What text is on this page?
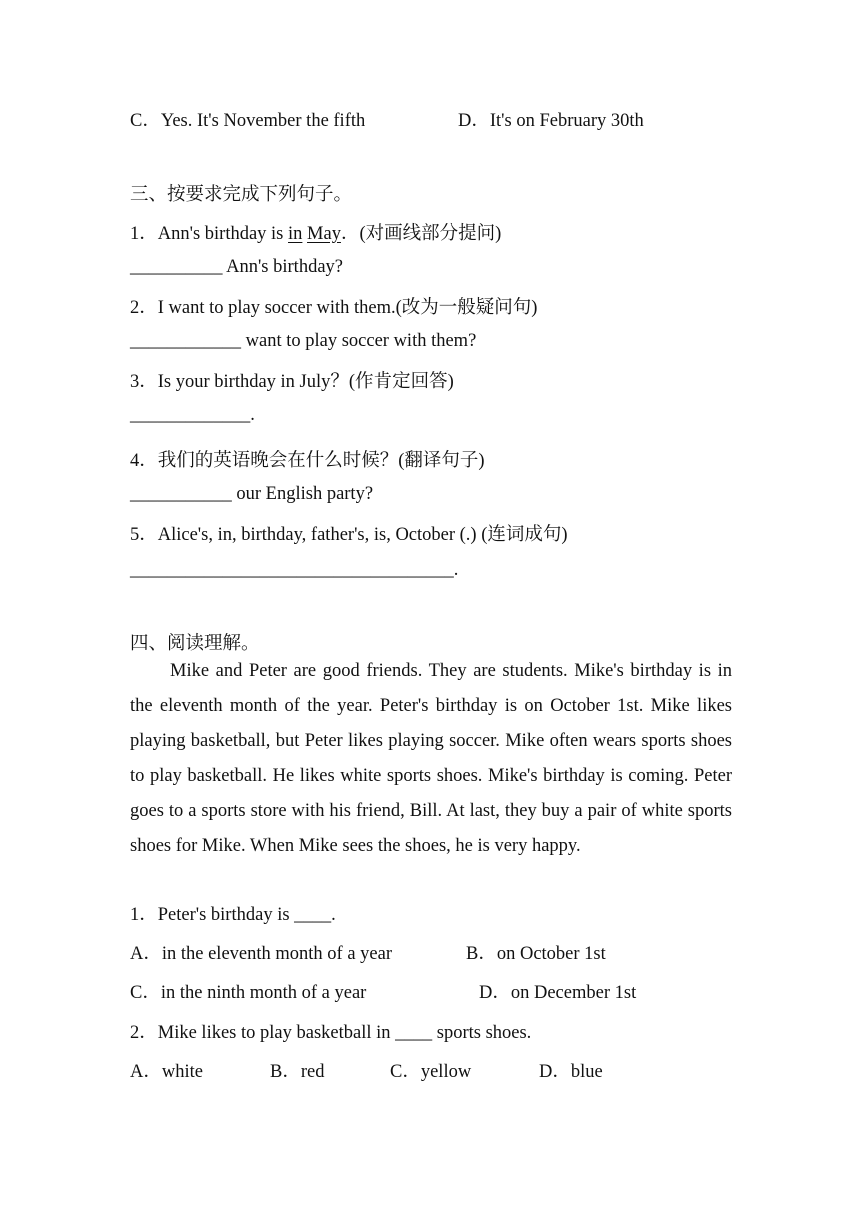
C．Yes. It's November the fifth	D．It's on February 30th
三、按要求完成下列句子。
1．Ann's birthday is in May．(对画线部分提问)
__________ Ann's birthday?
2．I want to play soccer with them.(改为一般疑问句)
____________ want to play soccer with them?
3．Is your birthday in July？(作肯定回答)
_____________.
4．我们的英语晚会在什么时候？(翻译句子)
___________ our English party?
5．Alice's, in, birthday, father's, is, October (.) (连词成句)
___________________________________.
四、阅读理解。
Mike and Peter are good friends. They are students. Mike's birthday is in the eleventh month of the year. Peter's birthday is on October 1st. Mike likes playing basketball, but Peter likes playing soccer. Mike often wears sports shoes to play basketball. He likes white sports shoes. Mike's birthday is coming. Peter goes to a sports store with his friend, Bill. At last, they buy a pair of white sports shoes for Mike. When Mike sees the shoes, he is very happy.
1．Peter's birthday is ____.
A．in the eleventh month of a year	B．on October 1st
C．in the ninth month of a year	D．on December 1st
2．Mike likes to play basketball in ____ sports shoes.
A．white	B．red	C．yellow	D．blue
